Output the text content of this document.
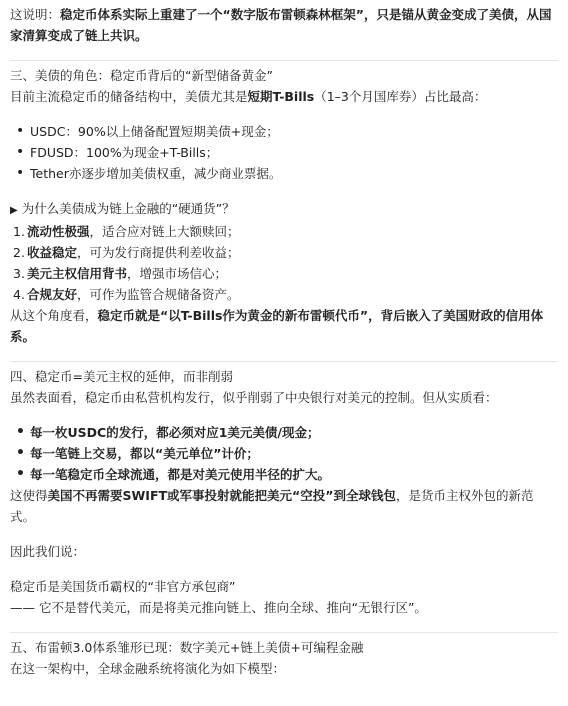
这说明：稳定币体系实际上重建了一个“数字版布雷顿森林框架”，只是锚从黄金变成了美债，从国家清算变成了链上共识。

三、美债的角色：稳定币背后的“新型储备黄金”

目前主流稳定币的储备结构中，美债尤其是短期T-Bills（1–3个月国库券）占比最高：

• USDC：90%以上储备配置短期美债+现金；
• FDUSD：100%为现金+T-Bills；
• Tether亦逐步增加美债权重，减少商业票据。

▶ 为什么美债成为链上金融的“硬通货”？

1. 流动性极强 ，适合应对链上大额赎回；
2. 收益稳定 ，可为发行商提供利差收益；
3. 美元主权信用背书 ，增强市场信心；
4. 合规友好 ，可作为监管合规储备资产。

从这个角度看，稳定币就是“以T-Bills作为黄金的新布雷顿代币”，背后嵌入了美国财政的信用体系。

四、稳定币=美元主权的延伸，而非削弱

虽然表面看，稳定币由私营机构发行，似乎削弱了中央银行对美元的控制。但从实质看：

• 每一枚USDC的发行，都必须对应1美元美债/现金；
• 每一笔链上交易，都以“美元单位”计价；
• 每一笔稳定币全球流通，都是对美元使用半径的扩大。

这使得美国不再需要SWIFT或军事投射就能把美元“空投”到全球钱包，是货币主权外包的新范式。

因此我们说：

稳定币是美国货币霸权的“非官方承包商”

—— 它不是替代美元，而是将美元推向链上、推向全球、推向“无银行区”。

五、布雷顿3.0体系雏形已现：数字美元+链上美债+可编程金融

在这一架构中，全球金融系统将演化为如下模型：
